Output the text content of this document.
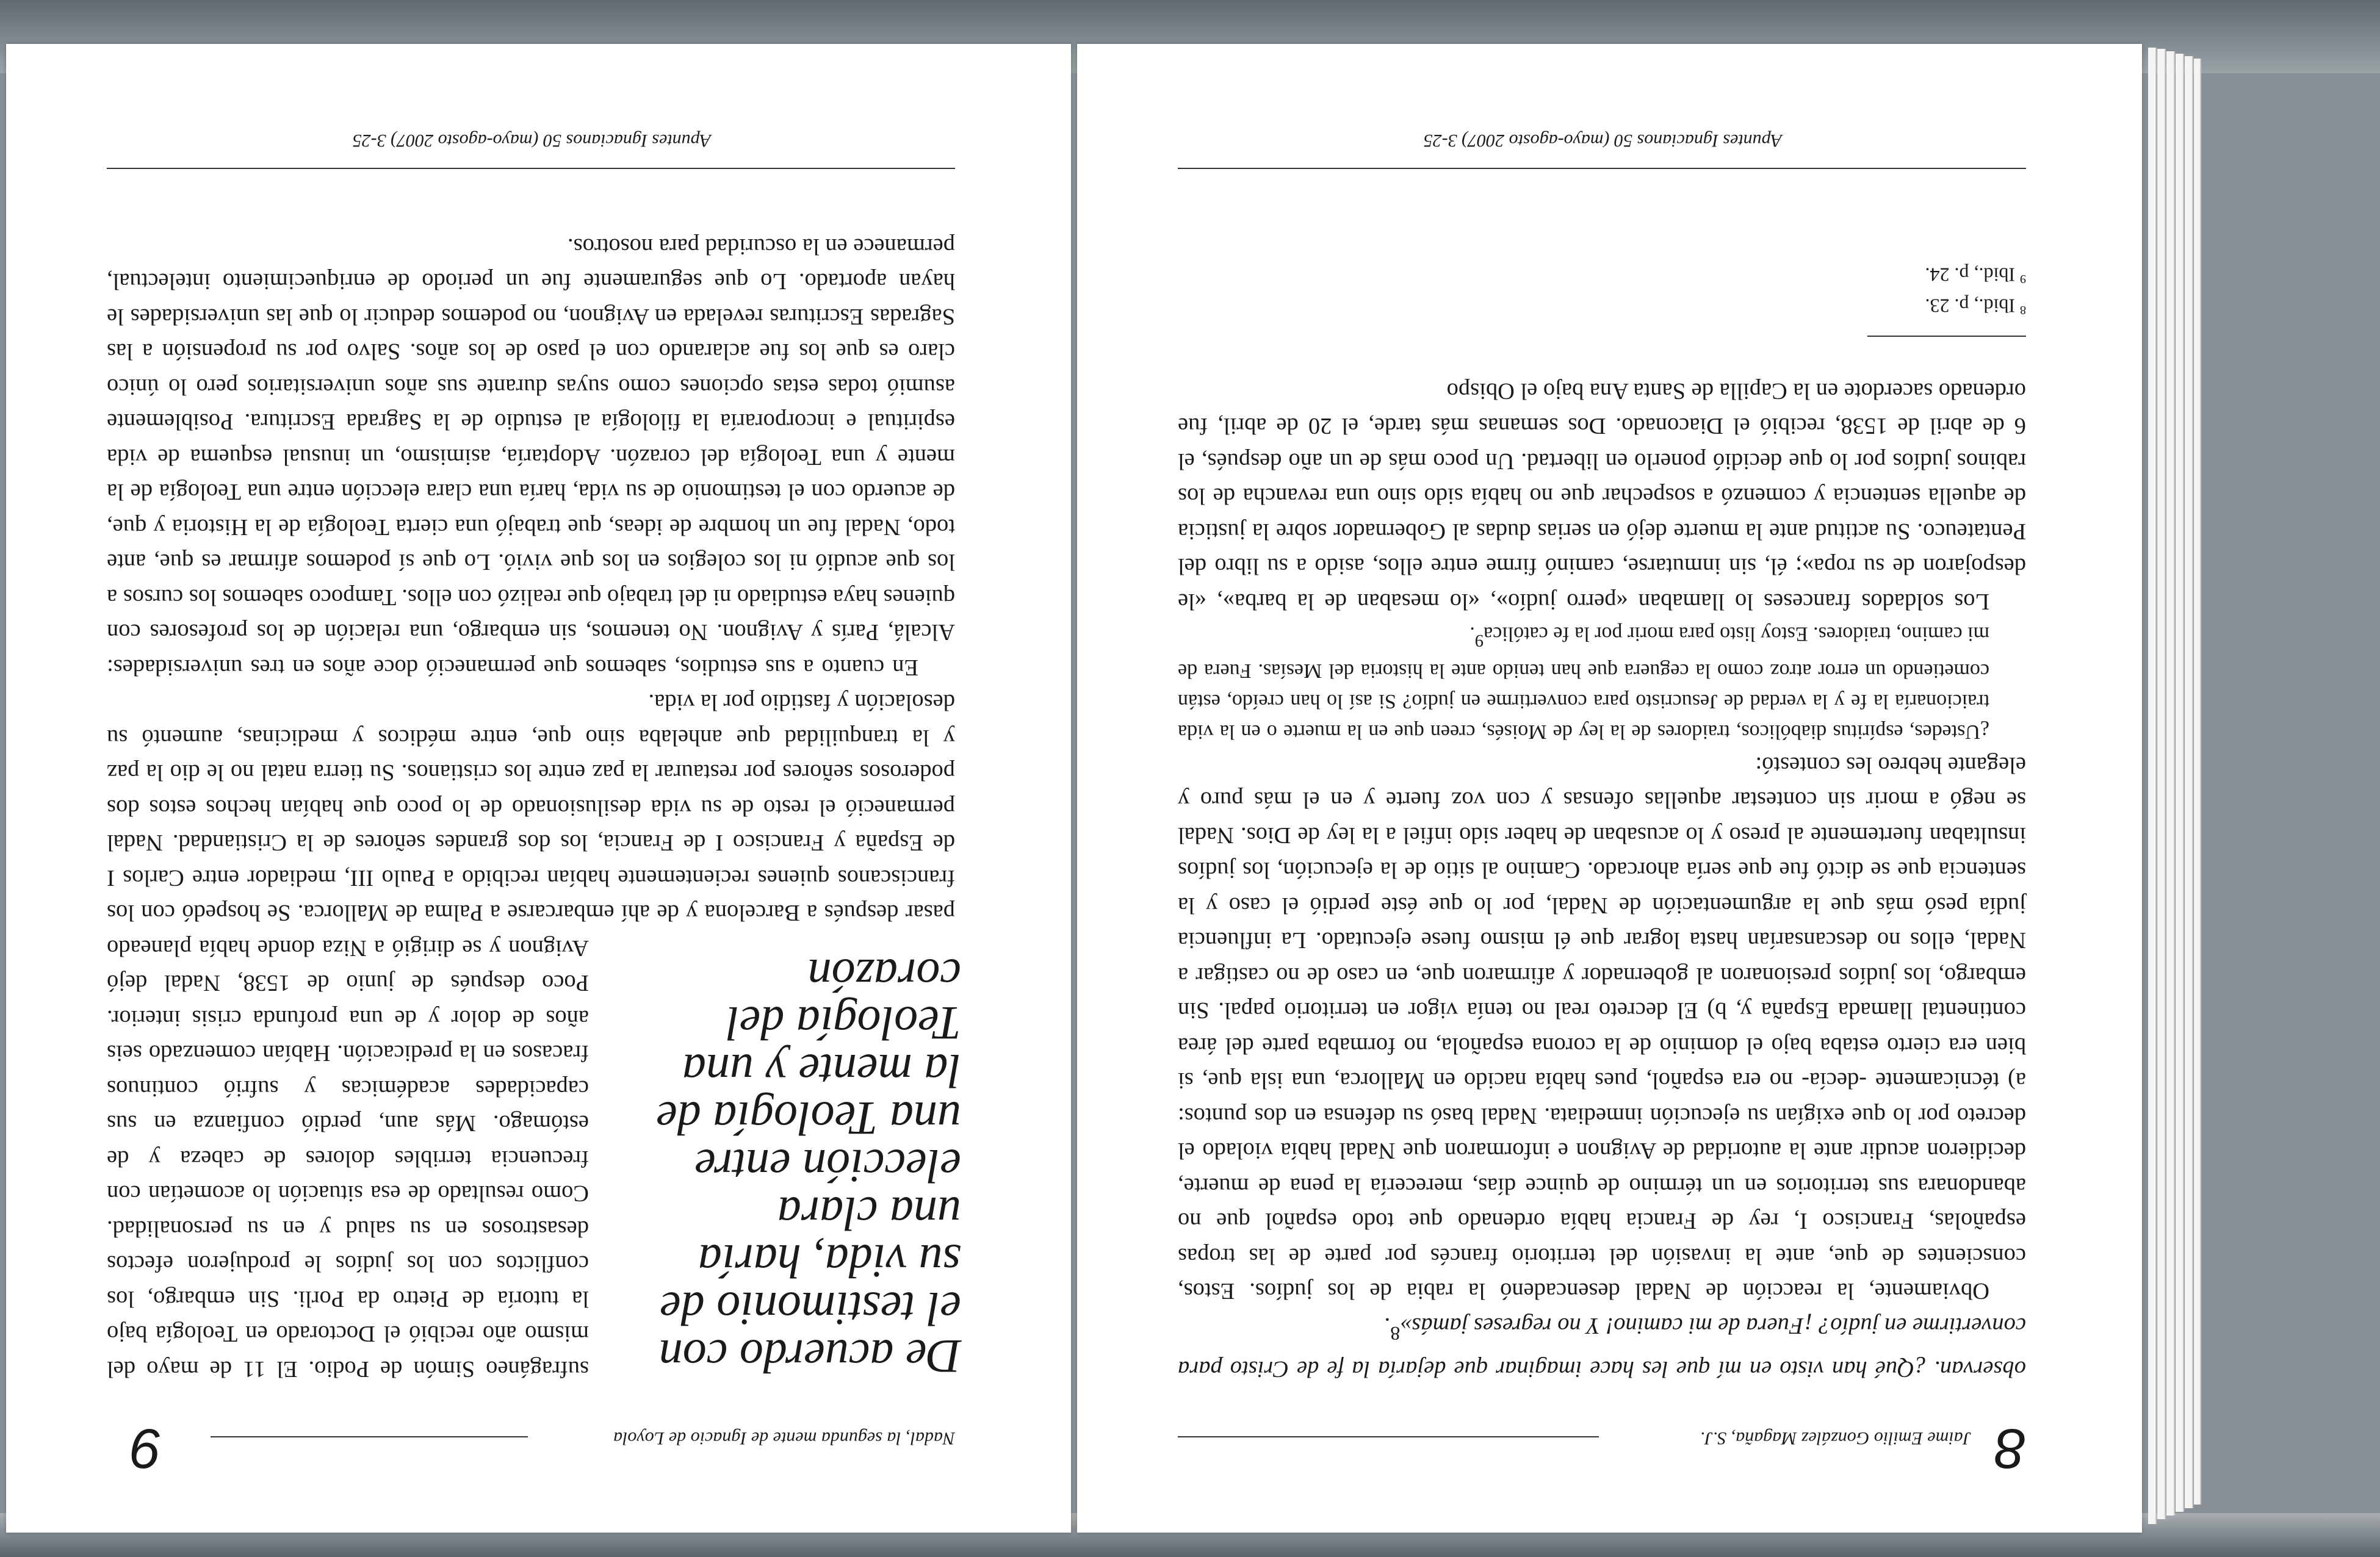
9	Nadal, la segunda mente de Ignacio de Loyola
De acuerdo con el testimonio de su vida, haría una clara elección entre una Teología de la mente y una Teología del corazón

sufragáneo Simón de Podio. El 11 de mayo del mismo año recibió el Doctorado en Teología bajo la tutoría de Pietro da Porli. Sin embargo, los conflictos con los judíos le produjeron efectos desastrosos en su salud y en su personalidad. Como resultado de esa situación lo acometían con frecuencia terribles dolores de cabeza y de estómago. Más aun, perdió confianza en sus capacidades académicas y sufrió continuos fracasos en la predicación. Habían comenzado seis años de dolor y de una profunda crisis interior. Poco después de junio de 1538, Nadal dejó Avignon y se dirigió a Niza donde había planeado pasar después a Barcelona y de ahí embarcarse a Palma de Mallorca. Se hospedó con los franciscanos quienes recientemente habían recibido a Paulo III, mediador entre Carlos I de España y Francisco I de Francia, los dos grandes señores de la Cristiandad. Nadal permaneció el resto de su vida desilusionado de lo poco que habían hechos estos dos poderosos señores por restaurar la paz entre los cristianos. Su tierra natal no le dio la paz y la tranquilidad que anhelaba sino que, entre médicos y medicinas, aumentó su desolación y fastidio por la vida.

En cuanto a sus estudios, sabemos que permaneció doce años en tres universidades: Alcalá, París y Avignon. No tenemos, sin embargo, una relación de los profesores con quienes haya estudiado ni del trabajo que realizó con ellos. Tampoco sabemos los cursos a los que acudió ni los colegios en los que vivió. Lo que sí podemos afirmar es que, ante todo, Nadal fue un hombre de ideas, que trabajó una cierta Teología de la Historia y que, de acuerdo con el testimonio de su vida, haría una clara elección entre una Teología de la mente y una Teología del corazón. Adoptaría, asimismo, un inusual esquema de vida espiritual e incorporaría la filología al estudio de la Sagrada Escritura. Posiblemente asumió todas estas opciones como suyas durante sus años universitarios pero lo único claro es que los fue aclarando con el paso de los años. Salvo por su propensión a las Sagradas Escrituras revelada en Avignon, no podemos deducir lo que las universidades le hayan aportado. Lo que seguramente fue un periodo de enriquecimiento intelectual, permanece en la oscuridad para nosotros.

Apuntes Ignacianos 50 (mayo-agosto 2007) 3-25
8
Jaime Emilio González Magaña, S.J.

observan. ¿Qué han visto en mí que les hace imaginar que dejaría la fe de Cristo para convertirme en judío? ¡Fuera de mi camino! Y no regreses jamás»$^8$.

Obviamente, la reacción de Nadal desencadenó la rabia de los judíos. Estos, conscientes de que, ante la invasión del territorio francés por parte de las tropas españolas, Francisco I, rey de Francia había ordenado que todo español que no abandonara sus territorios en un término de quince días, merecería la pena de muerte, decidieron acudir ante la autoridad de Avignon e informaron que Nadal había violado el decreto por lo que exigían su ejecución inmediata. Nadal basó su defensa en dos puntos: a) técnicamente -decía- no era español, pues había nacido en Mallorca, una isla que, si bien era cierto estaba bajo el dominio de la corona española, no formaba parte del área continental llamada España y, b) El decreto real no tenía vigor en territorio papal. Sin embargo, los judíos presionaron al gobernador y afirmaron que, en caso de no castigar a Nadal, ellos no descansarían hasta lograr que él mismo fuese ejecutado. La influencia judía pesó más que la argumentación de Nadal, por lo que éste perdió el caso y la sentencia que se dictó fue que sería ahorcado. Camino al sitio de la ejecución, los judíos insultaban fuertemente al preso y lo acusaban de haber sido infiel a la ley de Dios. Nadal se negó a morir sin contestar aquellas ofensas y con voz fuerte y en el más puro y elegante hebreo les contestó:

¿Ustedes, espíritus diabólicos, traidores de la ley de Moisés, creen que en la muerte o en la vida traicionaría la fe y la verdad de Jesucristo para convertirme en judío? Si así lo han creído, están cometiendo un error atroz como la ceguera que han tenido ante la historia del Mesías. Fuera de mi camino, traidores. Estoy listo para morir por la fe católica$^9$.

Los soldados franceses lo llamaban «perro judío», «lo mesaban de la barba», «le despojaron de su ropa»; él, sin inmutarse, caminó firme entre ellos, asido a su libro del Pentateuco. Su actitud ante la muerte dejó en serias dudas al Gobernador sobre la justicia de aquella sentencia y comenzó a sospechar que no había sido sino una revancha de los rabinos judíos por lo que decidió ponerlo en libertad. Un poco más de un año después, el 6 de abril de 1538, recibió el Diaconado. Dos semanas más tarde, el 20 de abril, fue ordenado sacerdote en la Capilla de Santa Ana bajo el Obispo

$^8$ Ibid., p. 23.
$^9$ Ibid., p. 24.
Apuntes Ignacianos 50 (mayo-agosto 2007) 3-25
